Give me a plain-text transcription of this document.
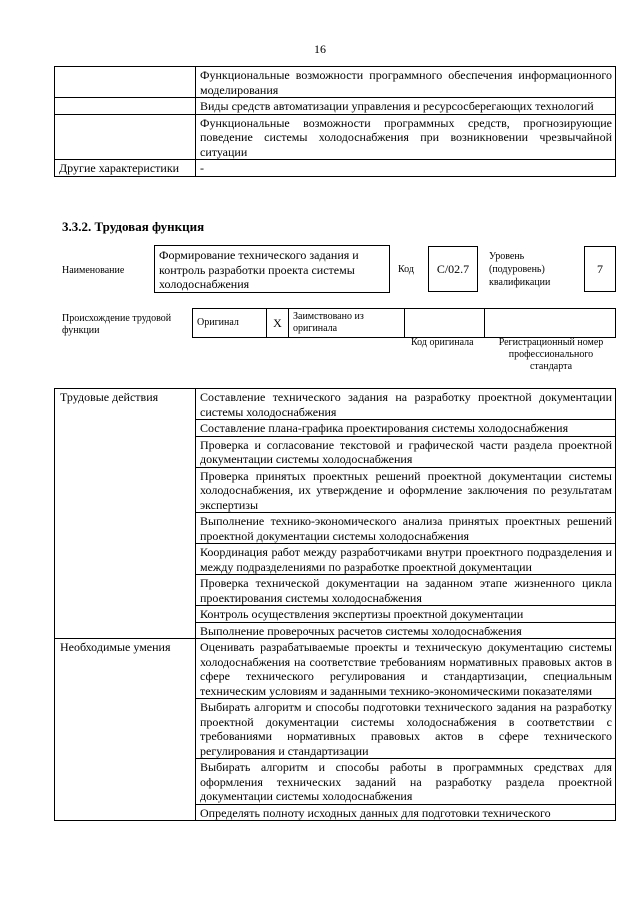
16
	Функциональные возможности программного обеспечения информационного моделирования
	Виды средств автоматизации управления и ресурсосберегающих технологий
	Функциональные возможности программных средств, прогнозирующие поведение системы холодоснабжения при возникновении чрезвычайной ситуации
Другие характеристики	-
3.3.2. Трудовая функция
Наименование
Формирование технического задания и контроль разработки проекта системы холодоснабжения
Код	С/02.7
Уровень
(подуровень)
квалификации
7
Происхождение трудовой
функции
Оригинал	X	Заимствовано из оригинала		
Код оригинала	Регистрационный номер профессионального стандарта
Трудовые действия	Составление технического задания на разработку проектной документации системы холодоснабжения
	Составление плана-графика проектирования системы холодоснабжения
	Проверка и согласование текстовой и графической части раздела проектной документации системы холодоснабжения
	Проверка принятых проектных решений проектной документации системы холодоснабжения, их утверждение и оформление заключения по результатам экспертизы
	Выполнение технико-экономического анализа принятых проектных решений проектной документации системы холодоснабжения
	Координация работ между разработчиками внутри проектного подразделения и между подразделениями по разработке проектной документации
	Проверка технической документации на заданном этапе жизненного цикла проектирования системы холодоснабжения
	Контроль осуществления экспертизы проектной документации
	Выполнение проверочных расчетов системы холодоснабжения
Необходимые умения	Оценивать разрабатываемые проекты и техническую документацию системы холодоснабжения на соответствие требованиям нормативных правовых актов в сфере технического регулирования и стандартизации, специальным техническим условиям и заданными технико-экономическими показателями
	Выбирать алгоритм и способы подготовки технического задания на разработку проектной документации системы холодоснабжения в соответствии с требованиями нормативных правовых актов в сфере технического регулирования и стандартизации
	Выбирать алгоритм и способы работы в программных средствах для оформления технических заданий на разработку раздела проектной документации системы холодоснабжения
	Определять полноту исходных данных для подготовки технического
